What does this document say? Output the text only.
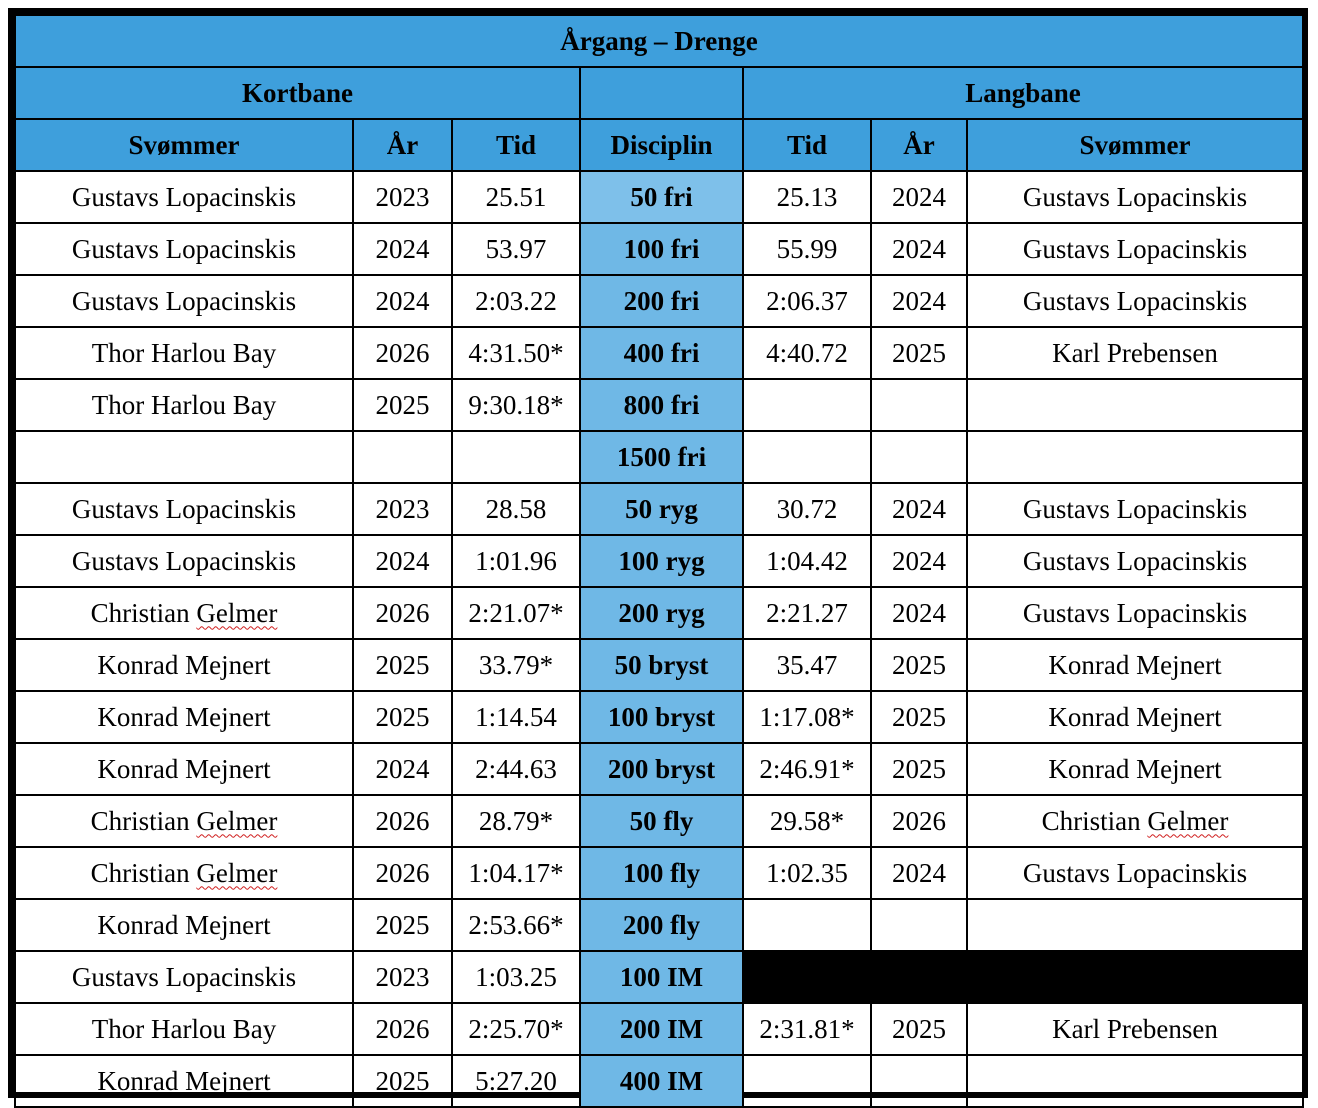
Årgang – Drenge						
Kortbane				Langbane		
Svømmer	År	Tid	Disciplin	Tid	År	Svømmer
Gustavs Lopacinskis	2023	25.51	50 fri	25.13	2024	Gustavs Lopacinskis
Gustavs Lopacinskis	2024	53.97	100 fri	55.99	2024	Gustavs Lopacinskis
Gustavs Lopacinskis	2024	2:03.22	200 fri	2:06.37	2024	Gustavs Lopacinskis
Thor Harlou Bay	2026	4:31.50*	400 fri	4:40.72	2025	Karl Prebensen
Thor Harlou Bay	2025	9:30.18*	800 fri			
			1500 fri			
Gustavs Lopacinskis	2023	28.58	50 ryg	30.72	2024	Gustavs Lopacinskis
Gustavs Lopacinskis	2024	1:01.96	100 ryg	1:04.42	2024	Gustavs Lopacinskis
Christian Gelmer	2026	2:21.07*	200 ryg	2:21.27	2024	Gustavs Lopacinskis
Konrad Mejnert	2025	33.79*	50 bryst	35.47	2025	Konrad Mejnert
Konrad Mejnert	2025	1:14.54	100 bryst	1:17.08*	2025	Konrad Mejnert
Konrad Mejnert	2024	2:44.63	200 bryst	2:46.91*	2025	Konrad Mejnert
Christian Gelmer	2026	28.79*	50 fly	29.58*	2026	Christian Gelmer
Christian Gelmer	2026	1:04.17*	100 fly	1:02.35	2024	Gustavs Lopacinskis
Konrad Mejnert	2025	2:53.66*	200 fly			
Gustavs Lopacinskis	2023	1:03.25	100 IM			
Thor Harlou Bay	2026	2:25.70*	200 IM	2:31.81*	2025	Karl Prebensen
Konrad Mejnert	2025	5:27.20	400 IM			
